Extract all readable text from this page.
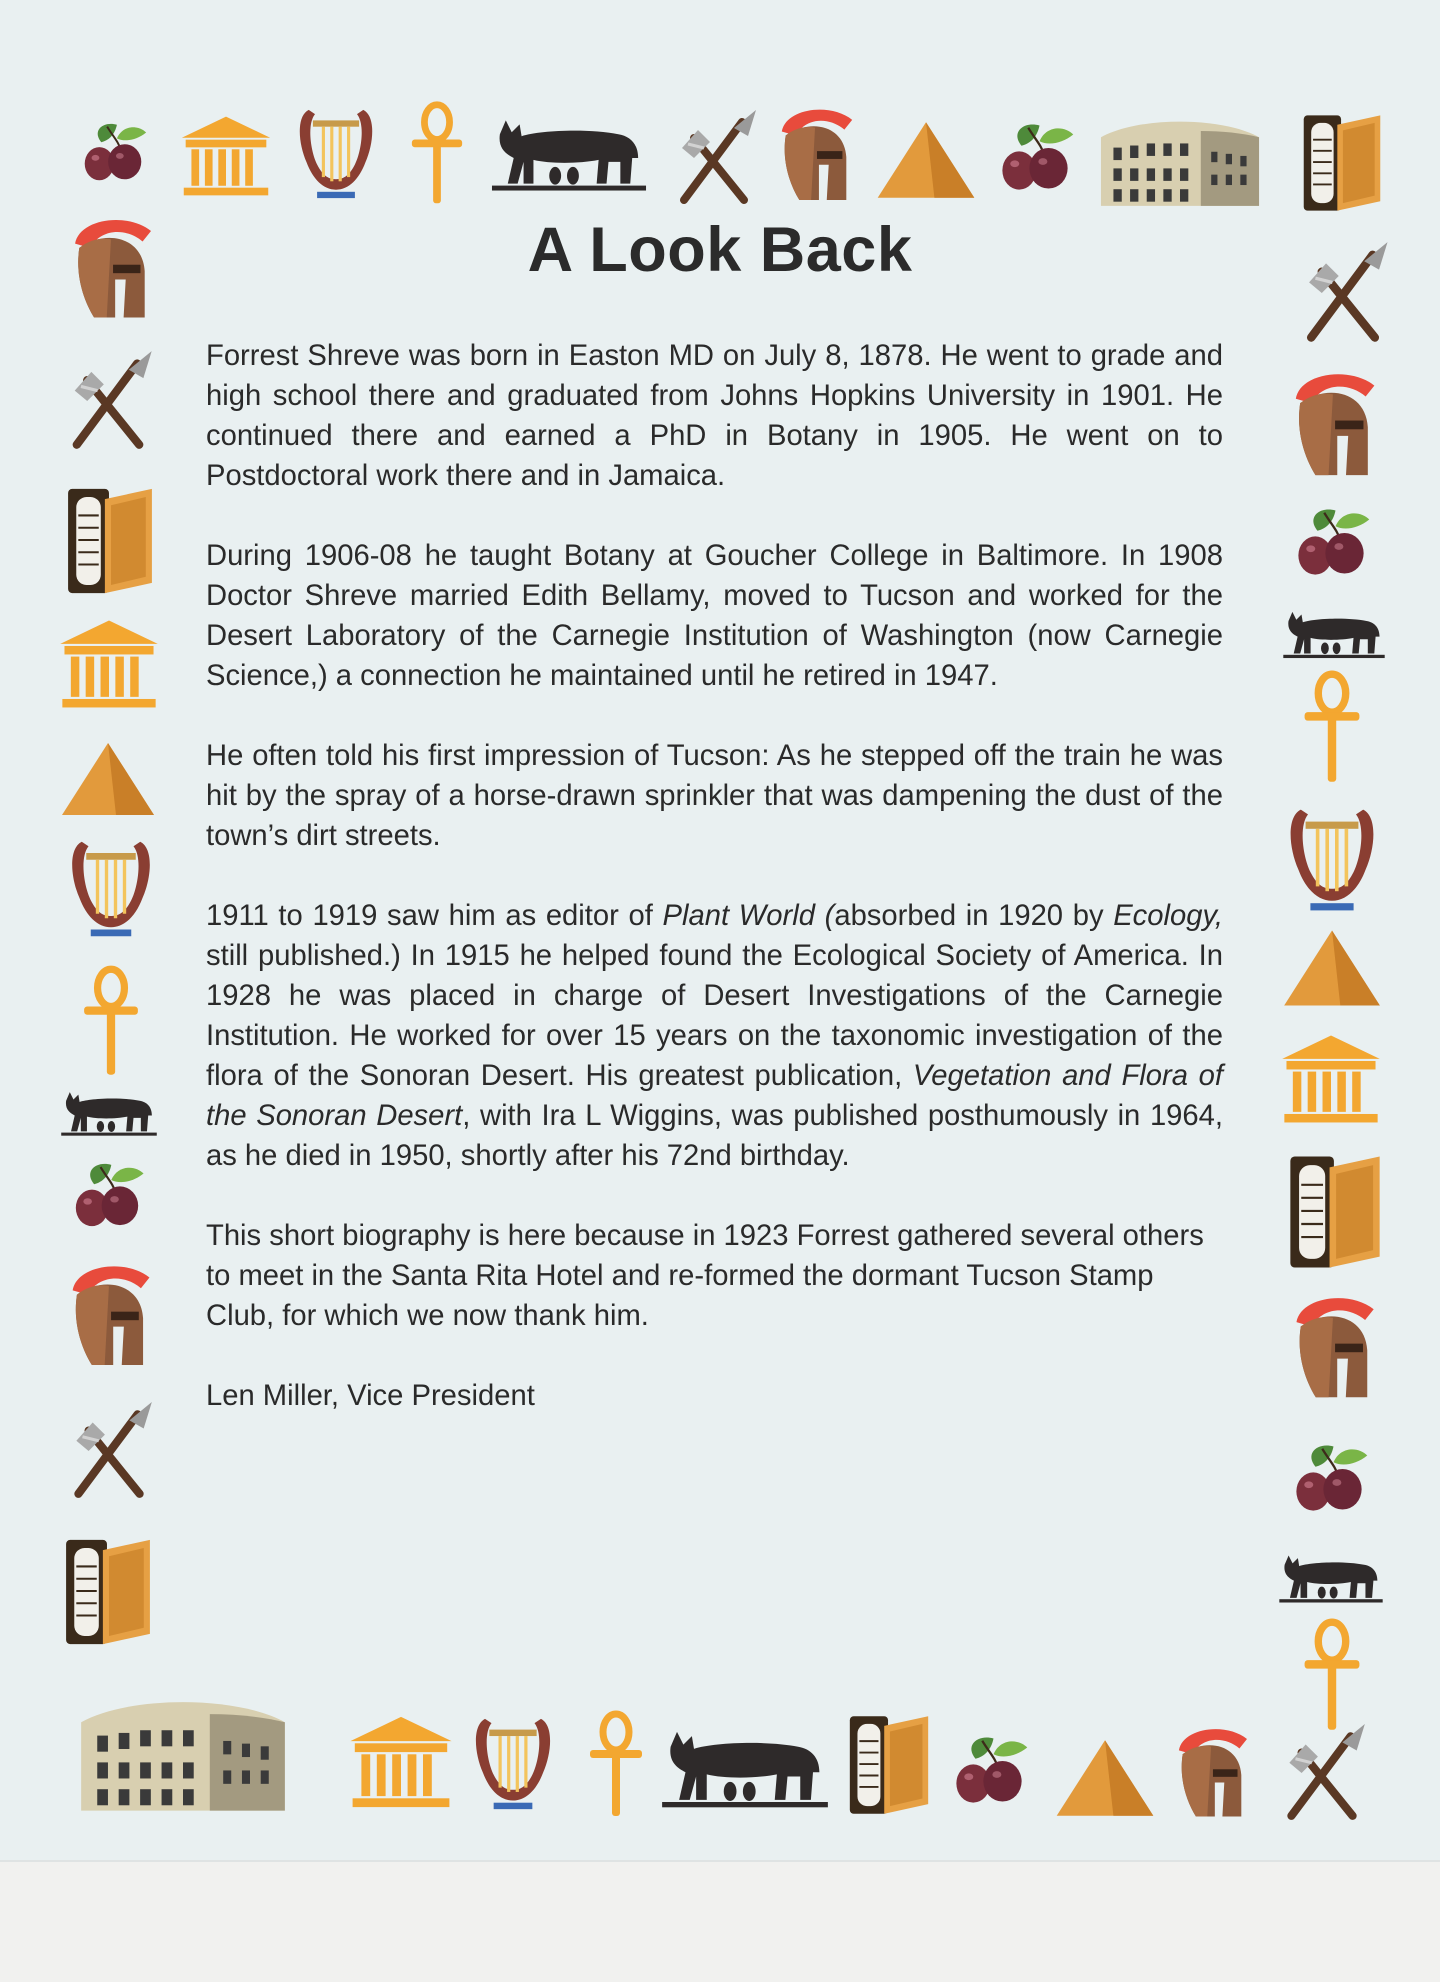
A Look Back

Forrest Shreve was born in Easton MD on July 8, 1878. He went to grade and high school there and graduated from Johns Hopkins University in 1901. He continued there and earned a PhD in Botany in 1905. He went on to Postdoctoral work there and in Jamaica.

During 1906-08 he taught Botany at Goucher College in Baltimore. In 1908 Doctor Shreve married Edith Bellamy, moved to Tucson and worked for the Desert Laboratory of the Carnegie Institution of Washington (now Carnegie Science,) a connection he maintained until he retired in 1947.

He often told his first impression of Tucson: As he stepped off the train he was hit by the spray of a horse-drawn sprinkler that was dampening the dust of the town’s dirt streets.

1911 to 1919 saw him as editor of Plant World (absorbed in 1920 by Ecology, still published.) In 1915 he helped found the Ecological Society of America. In 1928 he was placed in charge of Desert Investigations of the Carnegie Institution. He worked for over 15 years on the taxonomic investigation of the flora of the Sonoran Desert. His greatest publication, Vegetation and Flora of the Sonoran Desert, with Ira L Wiggins, was published posthumously in 1964, as he died in 1950, shortly after his 72nd birthday.

This short biography is here because in 1923 Forrest gathered several others to meet in the Santa Rita Hotel and re-formed the dormant Tucson Stamp Club, for which we now thank him.

Len Miller, Vice President
